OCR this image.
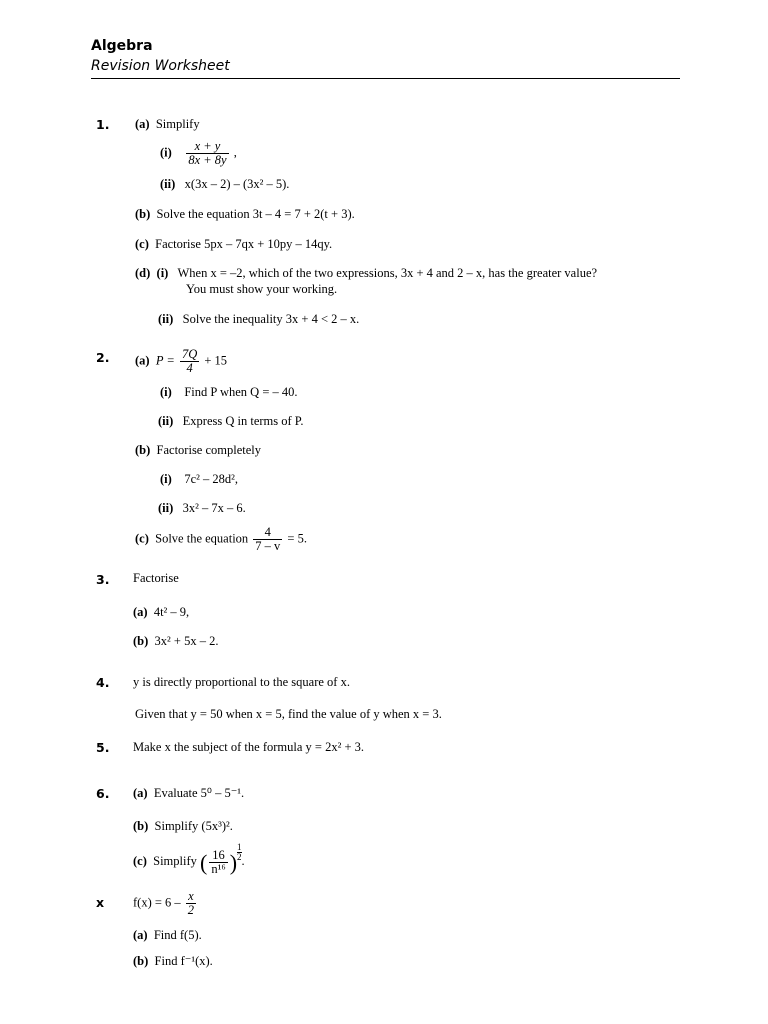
Algebra
Revision Worksheet
1. (a) Simplify
$(i) \frac{x + y}{8x + 8y}$ ,
(ii) x(3x – 2) – (3x² – 5).
(b) Solve the equation 3t – 4 = 7 + 2(t + 3).
(c) Factorise 5px – 7qx + 10py – 14qy.
(d) (i) When x = –2, which of the two expressions, 3x + 4 and 2 – x, has the greater value?
You must show your working.
(ii) Solve the inequality 3x + 4 < 2 – x.
2. (a) $P = \frac{7Q}{4} + 15$
(i) Find P when Q = – 40.
(ii) Express Q in terms of P.
(b) Factorise completely
(i) 7c² – 28d²,
(ii) 3x² – 7x – 6.
(c) Solve the equation $\frac{4}{7 - v} = 5$.
3. Factorise
(a) 4t² – 9,
(b) 3x² + 5x – 2.
4. y is directly proportional to the square of x.
Given that y = 50 when x = 5, find the value of y when x = 3.
5. Make x the subject of the formula y = 2x² + 3.
6. (a) Evaluate 5⁰ – 5⁻¹.
(b) Simplify (5x³)².
(c) Simplify ( $\frac{16}{\text{n¹⁶}}$ ) $\frac{1}{2}$ .
x $f(x) = 6 - \frac{x}{2}$
(a) Find f(5).
(b) Find f⁻¹(x).
